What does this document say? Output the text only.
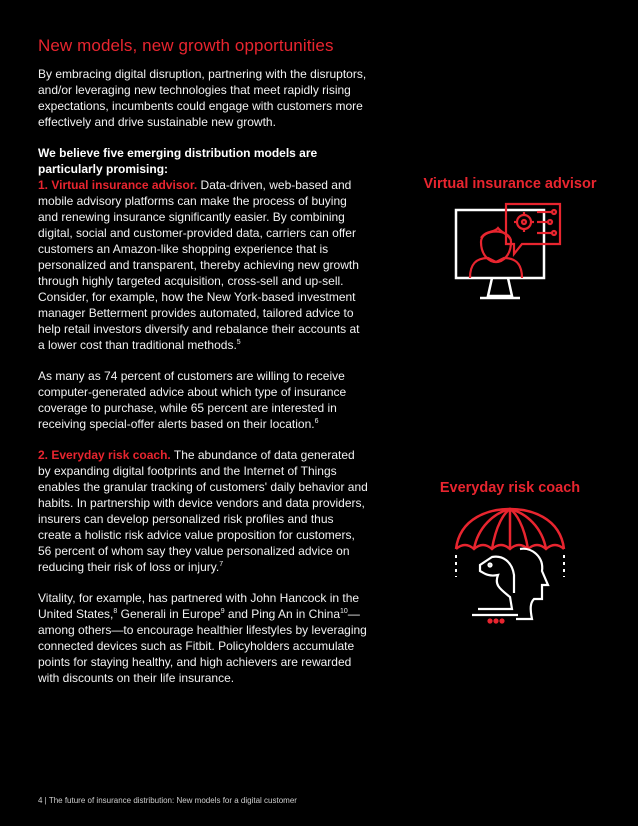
New models, new growth opportunities

By embracing digital disruption, partnering with the disruptors, and/or leveraging new technologies that meet rapidly rising expectations, incumbents could engage with customers more effectively and drive sustainable new growth.

We believe five emerging distribution models are particularly promising:

1. Virtual insurance advisor. Data-driven, web-based and mobile advisory platforms can make the process of buying and renewing insurance significantly easier. By combining digital, social and customer-provided data, carriers can offer customers an Amazon-like shopping experience that is personalized and transparent, thereby achieving new growth through highly targeted acquisition, cross-sell and up-sell. Consider, for example, how the New York-based investment manager Betterment provides automated, tailored advice to help retail investors diversify and rebalance their accounts at a lower cost than traditional methods.$^5$

As many as 74 percent of customers are willing to receive computer-generated advice about which type of insurance coverage to purchase, while 65 percent are interested in receiving special-offer alerts based on their location.$^6$

2. Everyday risk coach. The abundance of data generated by expanding digital footprints and the Internet of Things enables the granular tracking of customers' daily behavior and habits. In partnership with device vendors and data providers, insurers can develop personalized risk profiles and thus create a holistic risk advice value proposition for customers, 56 percent of whom say they value personalized advice on reducing their risk of loss or injury.$^7$

Vitality, for example, has partnered with John Hancock in the United States,$^8$ Generali in Europe$^9$ and Ping An in China$^{10}$—among others—to encourage healthier lifestyles by leveraging connected devices such as Fitbit. Policyholders accumulate points for staying healthy, and high achievers are rewarded with discounts on their life insurance.

Virtual insurance advisor

Everyday risk coach

4 | The future of insurance distribution: New models for a digital customer
